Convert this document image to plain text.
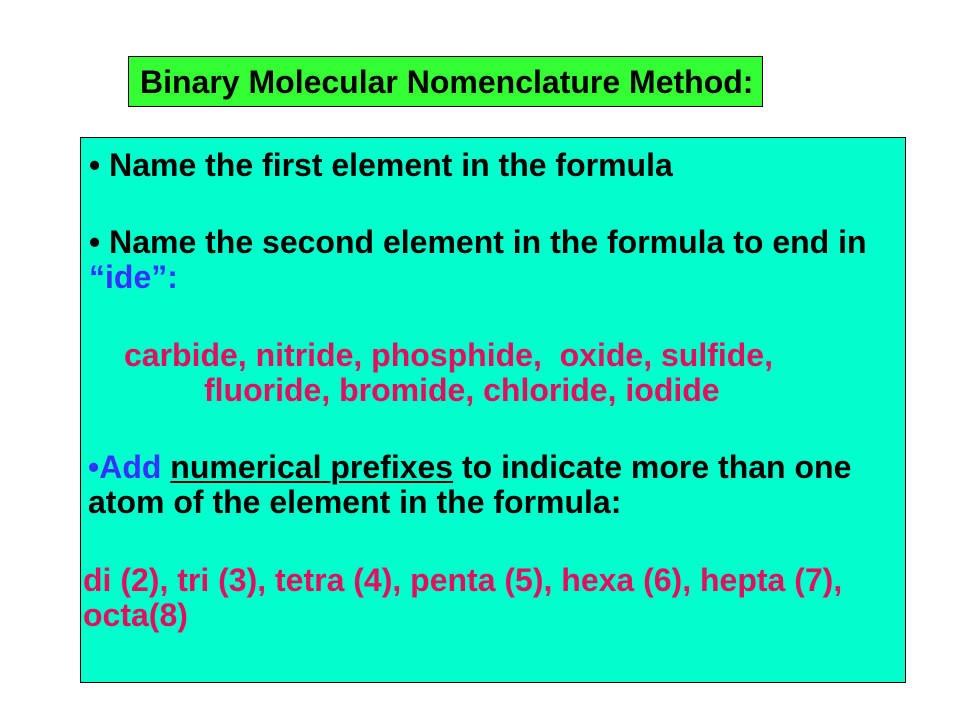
Binary Molecular Nomenclature Method:
• Name the first element in the formula
• Name the second element in the formula to end in
“ide”:
carbide, nitride, phosphide,  oxide, sulfide,
fluoride, bromide, chloride, iodide
•Add numerical prefixes to indicate more than one
atom of the element in the formula:
di (2), tri (3), tetra (4), penta (5), hexa (6), hepta (7),
octa(8)
